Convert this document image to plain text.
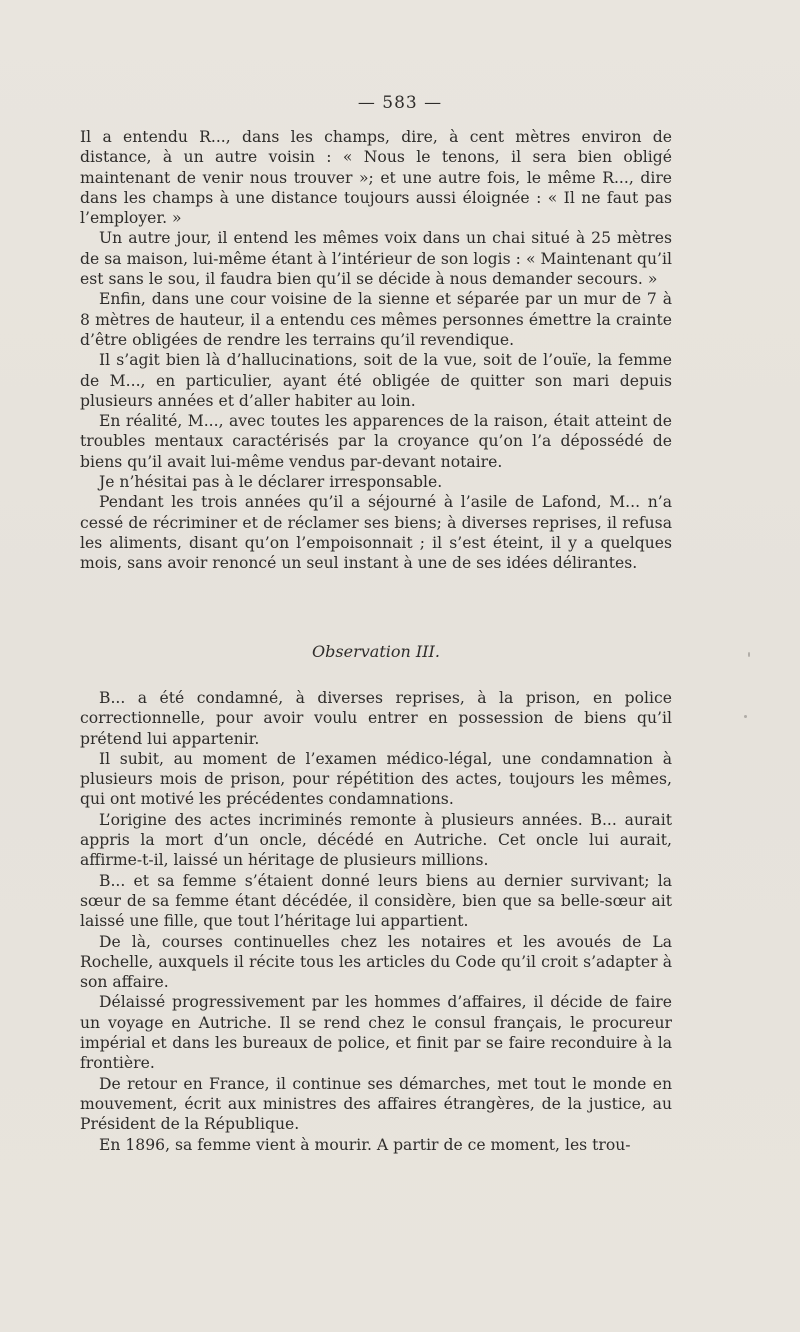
— 583 —

Il a entendu R..., dans les champs, dire, à cent mètres environ de distance, à un autre voisin : « Nous le tenons, il sera bien obligé maintenant de venir nous trouver »; et une autre fois, le même R..., dire dans les champs à une distance toujours aussi éloignée : « Il ne faut pas l’employer. »

Un autre jour, il entend les mêmes voix dans un chai situé à 25 mètres de sa maison, lui-même étant à l’intérieur de son logis : « Maintenant qu’il est sans le sou, il faudra bien qu’il se décide à nous demander secours. »

Enfin, dans une cour voisine de la sienne et séparée par un mur de 7 à 8 mètres de hauteur, il a entendu ces mêmes personnes émettre la crainte d’être obligées de rendre les terrains qu’il revendique.

Il s’agit bien là d’hallucinations, soit de la vue, soit de l’ouïe, la femme de M..., en particulier, ayant été obligée de quitter son mari depuis plusieurs années et d’aller habiter au loin.

En réalité, M..., avec toutes les apparences de la raison, était atteint de troubles mentaux caractérisés par la croyance qu’on l’a dépossédé de biens qu’il avait lui-même vendus par-devant notaire.

Je n’hésitai pas à le déclarer irresponsable.

Pendant les trois années qu’il a séjourné à l’asile de Lafond, M... n’a cessé de récriminer et de réclamer ses biens; à diverses reprises, il refusa les aliments, disant qu’on l’empoisonnait ; il s’est éteint, il y a quelques mois, sans avoir renoncé un seul instant à une de ses idées délirantes.

Observation III.

B... a été condamné, à diverses reprises, à la prison, en police correctionnelle, pour avoir voulu entrer en possession de biens qu’il prétend lui appartenir.

Il subit, au moment de l’examen médico-légal, une condamnation à plusieurs mois de prison, pour répétition des actes, toujours les mêmes, qui ont motivé les précédentes condamnations.

L’origine des actes incriminés remonte à plusieurs années. B... aurait appris la mort d’un oncle, décédé en Autriche. Cet oncle lui aurait, affirme-t-il, laissé un héritage de plusieurs millions.

B... et sa femme s’étaient donné leurs biens au dernier survivant; la sœur de sa femme étant décédée, il considère, bien que sa belle-sœur ait laissé une fille, que tout l’héritage lui appartient.

De là, courses continuelles chez les notaires et les avoués de La Rochelle, auxquels il récite tous les articles du Code qu’il croit s’adapter à son affaire.

Délaissé progressivement par les hommes d’affaires, il décide de faire un voyage en Autriche. Il se rend chez le consul français, le procureur impérial et dans les bureaux de police, et finit par se faire reconduire à la frontière.

De retour en France, il continue ses démarches, met tout le monde en mouvement, écrit aux ministres des affaires étrangères, de la justice, au Président de la République.

En 1896, sa femme vient à mourir. A partir de ce moment, les trou-
